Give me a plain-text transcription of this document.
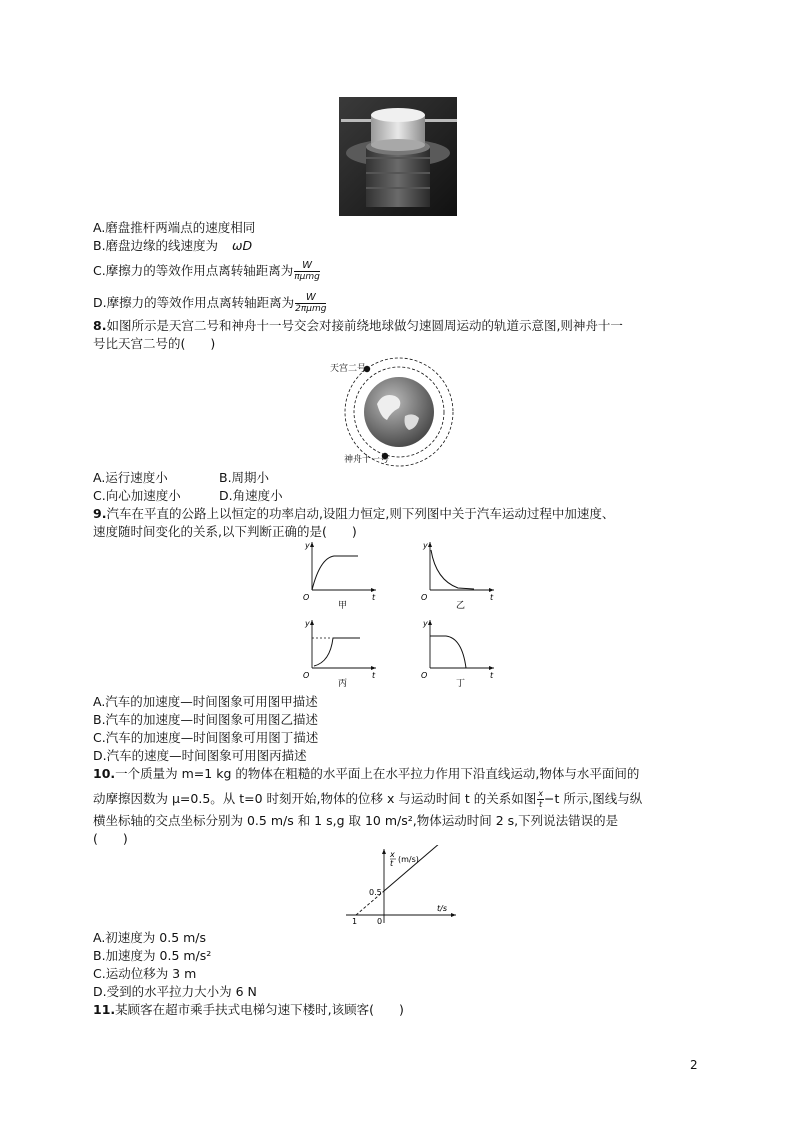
A.磨盘推杆两端点的速度相同
B.磨盘边缘的线速度为 ωD
C.摩擦力的等效作用点离转轴距离为 $\frac{W}{\text{πμmg}}$
D.摩擦力的等效作用点离转轴距离为 $\frac{W}{\text{2πμmg}}$
8.如图所示是天宫二号和神舟十一号交会对接前绕地球做匀速圆周运动的轨道示意图,则神舟十一
号比天宫二号的(　　)
天宫二号
神舟十一号
A.运行速度小	B.周期小
C.向心加速度小	D.角速度小
9.汽车在平直的公路上以恒定的功率启动,设阻力恒定,则下列图中关于汽车运动过程中加速度、
速度随时间变化的关系,以下判断正确的是(　　)
y
O	t
甲
y
O	t
乙
y
O	t
丙
y
O	t
丁
A.汽车的加速度—时间图象可用图甲描述
B.汽车的加速度—时间图象可用图乙描述
C.汽车的加速度—时间图象可用图丁描述
D.汽车的速度—时间图象可用图丙描述
10.一个质量为 m=1 kg 的物体在粗糙的水平面上在水平拉力作用下沿直线运动,物体与水平面间的
动摩擦因数为 μ=0.5。从 t=0 时刻开始,物体的位移 x 与运动时间 t 的关系如图 $\frac{x}{t} -t$ 所示,图线与纵
横坐标轴的交点坐标分别为 0.5 m/s 和 1 s,g 取 10 m/s²,物体运动时间 2 s,下列说法错误的是
(　　)
x
t (m/s)
t/s
0.5
1 0
A.初速度为 0.5 m/s
B.加速度为 0.5 m/s²
C.运动位移为 3 m
D.受到的水平拉力大小为 6 N
11.某顾客在超市乘手扶式电梯匀速下楼时,该顾客(　　)
2
